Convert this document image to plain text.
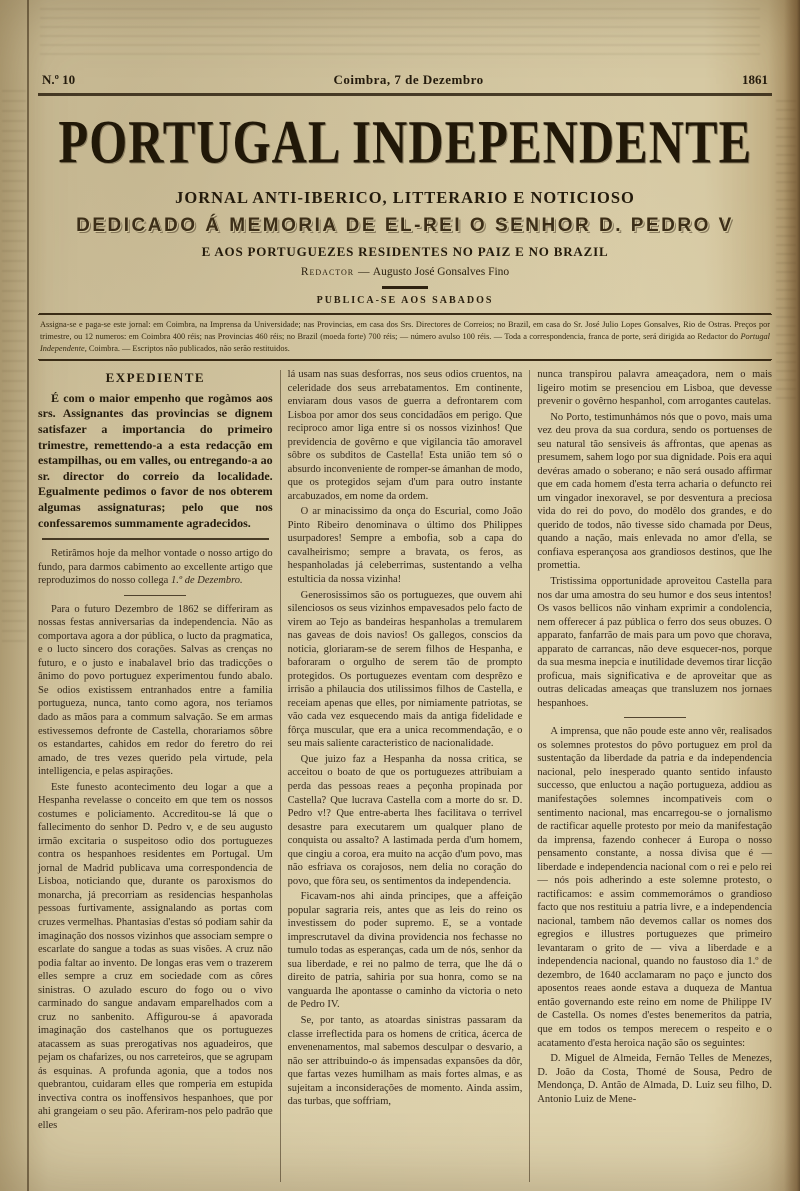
N.º 10	Coimbra, 7 de Dezembro	1861
PORTUGAL INDEPENDENTE
JORNAL ANTI-IBERICO, LITTERARIO E NOTICIOSO
DEDICADO Á MEMORIA DE EL-REI O SENHOR D. PEDRO V
E AOS PORTUGUEZES RESIDENTES NO PAIZ E NO BRAZIL
Redactor — Augusto José Gonsalves Fino
PUBLICA-SE AOS SABADOS
Assigna-se e paga-se este jornal: em Coimbra, na Imprensa da Universidade; nas Provincias, em casa dos Srs. Directores de Correios; no Brazil, em casa do Sr. José Julio Lopes Gonsalves, Rio de Ostras. Preços por trimestre, ou 12 numeros: em Coimbra 400 réis; nas Provincias 460 réis; no Brazil (moeda forte) 700 réis; — número avulso 100 réis. — Toda a correspondencia, franca de porte, será dirigida ao Redactor do Portugal Independente, Coimbra. — Escriptos não publicados, não serão restituidos.
EXPEDIENTE

É com o maior empenho que rogàmos aos srs. Assignantes das provincias se dignem satisfazer a importancia do primeiro trimestre, remettendo-a a esta redacção em estampilhas, ou em valles, ou entregando-a ao sr. director do correio da localidade. Egualmente pedimos o favor de nos obterem algumas assignaturas; pelo que nos confessaremos summamente agradecidos.

Retirâmos hoje da melhor vontade o nosso artigo do fundo, para darmos cabimento ao excellente artigo que reproduzimos do nosso collega 1.º de Dezembro.

Para o futuro Dezembro de 1862 se differiram as nossas festas anniversarias da independencia. Não as comportava agora a dor pública, o lucto da pragmatica, e o lucto sincero dos corações. Salvas as crenças no futuro, e o justo e inabalavel brio das tradicções o ânimo do povo portuguez experimentou fundo abalo. Se odios existissem entranhados entre a familia portugueza, nunca, tanto como agora, nos teriamos dado as mãos para a commum salvação. Se em armas estivessemos defronte de Castella, chorariamos sôbre os estandartes, cahidos em redor do feretro do rei amado, de tres vezes querido pela virtude, pela intelligencia, e pelas aspirações.

Este funesto acontecimento deu logar a que a Hespanha revelasse o conceito em que tem os nossos costumes e policiamento. Accreditou-se lá que o fallecimento do senhor D. Pedro v, e de seu augusto irmão excitaria o suspeitoso odio dos portuguezes contra os hespanhoes residentes em Portugal. Um jornal de Madrid publicava uma correspondencia de Lisboa, noticiando que, durante os paroxismos do monarcha, já precorriam as residencias hespanholas pessoas furtivamente, assignalando as portas com cruzes vermelhas. Phantasias d'estas só podiam sahir da imaginação dos nossos vizinhos que associam sempre o escarlate do sangue a todas as suas visões. A cruz não podia faltar ao invento. De longas eras vem o trazerem elles sempre a cruz em sociedade com as côres sinistras. O azulado escuro do fogo ou o vivo carminado do sangue andavam emparelhados com a cruz no sanbenito. Affigurou-se á apavorada imaginação dos castelhanos que os portuguezes atacassem as suas prerogativas nos aguadeiros, que pejam os chafarizes, ou nos carreteiros, que se agrupam ás esquinas. A profunda agonia, que a todos nos quebrantou, cuidaram elles que romperia em estupida invectiva contra os inoffensivos hespanhoes, que por ahi grangeiam o seu pão. Aferiram-nos pelo padrão que elles

lá usam nas suas desforras, nos seus odios cruentos, na celeridade dos seus arrebatamentos. Em continente, enviaram dous vasos de guerra a defrontarem com Lisboa por amor dos seus concidadãos em perigo. Que reciproco amor liga entre si os nossos vizinhos! Que previdencia de govêrno e que vigilancia tão amoravel sôbre os subditos de Castella! Esta união tem só o absurdo inconveniente de romper-se ámanhan de modo, que os protegidos sejam d'um para outro instante arcabuzados, em nome da ordem.

O ar minacissimo da onça do Escurial, como João Pinto Ribeiro denominava o último dos Philippes usurpadores! Sempre a embofia, sob a capa do cavalheirismo; sempre a bravata, os feros, as hespanholadas já celeberrimas, sustentando a velha estulticia da nossa vizinha!

Generosissimos são os portuguezes, que ouvem ahi silenciosos os seus vizinhos empavesados pelo facto de virem ao Tejo as bandeiras hespanholas a tremularem nas gaveas de dois navios! Os gallegos, conscios da noticia, gloriaram-se de serem filhos de Hespanha, e baforaram o orgulho de serem tão de prompto protegidos. Os portuguezes eventam com desprêzo e irrisão a philaucia dos utilissimos filhos de Castella, e receiam apenas que elles, por nimiamente patriotas, se vão cada vez esquecendo mais da antiga fidelidade e fôrça muscular, que era a unica recommendação, e o seu mais saliente caracteristico de nacionalidade.

Que juizo faz a Hespanha da nossa critica, se acceitou o boato de que os portuguezes attribuiam a perda das pessoas reaes a peçonha propinada por Castella? Que lucrava Castella com a morte do sr. D. Pedro v!? Que entre-aberta lhes facilitava o terrivel desastre para executarem um qualquer plano de conquista ou assalto? A lastimada perda d'um homem, que cingiu a coroa, era muito na acção d'um povo, mas não esfriava os corajosos, nem delia no coração do povo, que fôra seu, os sentimentos da independencia.

Ficavam-nos ahi ainda principes, que a affeição popular sagraria reis, antes que as leis do reino os investissem do poder supremo. E, se a vontade imprescrutavel da divina providencia nos fechasse no tumulo todas as esperanças, cada um de nós, senhor da sua liberdade, e rei no palmo de terra, que lhe dá o direito de patria, sahiria por sua honra, como se na vanguarda lhe apontasse o caminho da victoria o neto de Pedro IV.

Se, por tanto, as atoardas sinistras passaram da classe irreflectida para os homens de critica, ácerca de envenenamentos, mal sabemos desculpar o desvario, a não ser attribuindo-o ás impensadas expansões da dôr, que fartas vezes humilham as mais fortes almas, e as sujeitam a inconsiderações de momento. Ainda assim, das turbas, que soffriam,

nunca transpirou palavra ameaçadora, nem o mais ligeiro motim se presenciou em Lisboa, que devesse prevenir o govêrno hespanhol, com arrogantes cautelas.

No Porto, testimunhámos nós que o povo, mais uma vez deu prova da sua cordura, sendo os portuenses de seu natural tão sensiveis ás affrontas, que apenas as presumem, sahem logo por sua dignidade. Pois era aqui devéras amado o soberano; e não será ousado affirmar que em cada homem d'esta terra acharia o defuncto rei um vingador inexoravel, se por desventura a preciosa vida do rei do povo, do modêlo dos grandes, e do querido de todos, não tivesse sido chamada por Deus, quando a nação, mais enlevada no amor d'ella, se confiava esperançosa aos grandiosos destinos, que lhe promettia.

Tristissima opportunidade aproveitou Castella para nos dar uma amostra do seu humor e dos seus intentos! Os vasos bellicos não vinham exprimir a condolencia, nem offerecer á paz pública o ferro dos seus obuzes. O apparato, fanfarrão de mais para um povo que chorava, apparato de carrancas, não deve esquecer-nos, porque da sua mesma inepcia e inutilidade devemos tirar licção proficua, mais significativa e de aproveitar que as outras delicadas ameaças que transluzem nos jornaes hespanhoes.

A imprensa, que não poude este anno vêr, realisados os solemnes protestos do pôvo portuguez em prol da sustentação da liberdade da patria e da independencia nacional, pelo inesperado quanto sentido infausto successo, que enluctou a nação portugueza, addiou as manifestações solemnes incompativeis com o sentimento nacional, mas encarregou-se o jornalismo de ractificar aquelle protesto por meio da manifestação da imprensa, fazendo conhecer á Europa o nosso pensamento constante, a nossa divisa que é — liberdade e independencia nacional com o rei e pelo rei — nós pois adherindo a este solemne protesto, o ractificamos: e assim commemorámos o grandioso facto que nos restituiu a patria livre, e a independencia nacional, tambem não devemos callar os nomes dos egregios e illustres portuguezes que primeiro levantaram o grito de — viva a liberdade e a independencia nacional, quando no faustoso dia 1.º de dezembro, de 1640 acclamaram no paço e juncto dos aposentos reaes aonde estava a duqueza de Mantua então governando este reino em nome de Philippe IV de Castella. Os nomes d'estes benemeritos da patria, que em todos os tempos merecem o respeito e o acatamento d'esta heroica nação são os seguintes:

D. Miguel de Almeida, Fernão Telles de Menezes, D. João da Costa, Thomé de Sousa, Pedro de Mendonça, D. Antão de Almada, D. Luiz seu filho, D. Antonio Luiz de Mene-
